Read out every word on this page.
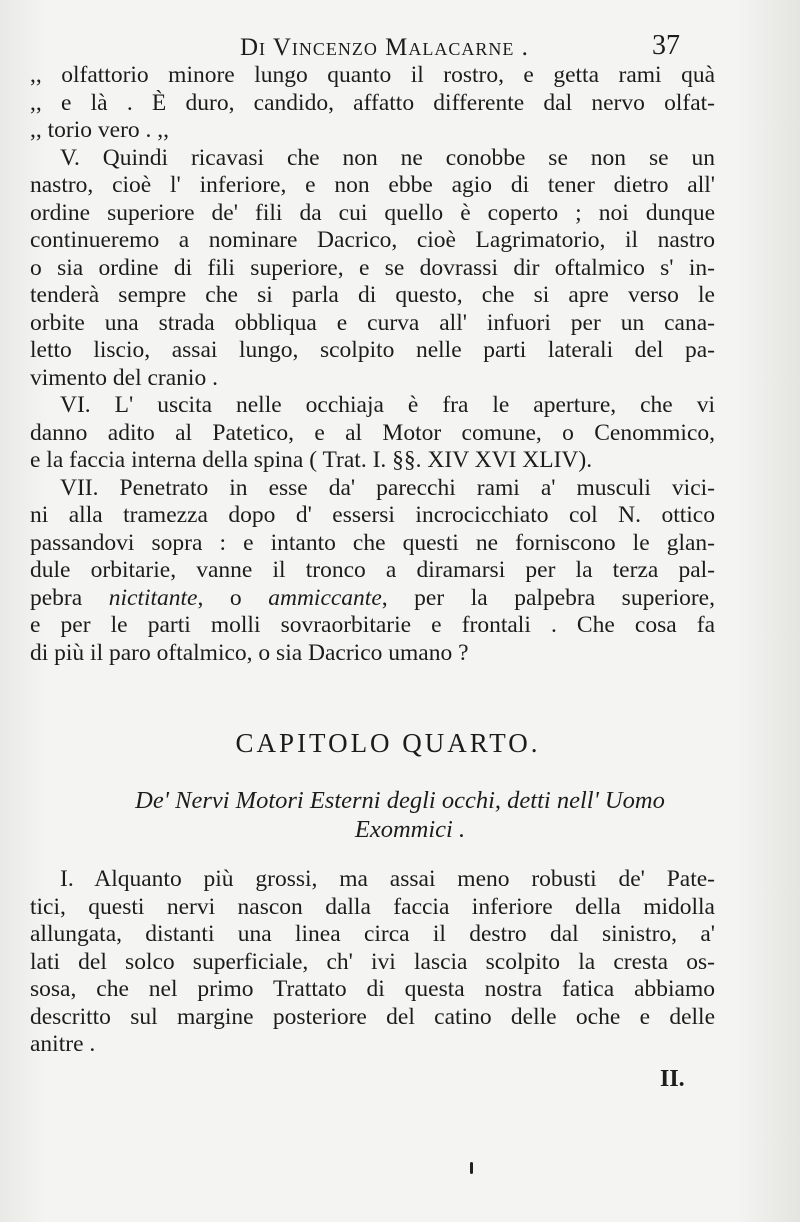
Di Vincenzo Malacarne .	37
,, olfattorio minore lungo quanto il rostro, e getta rami quà
,, e là . È duro, candido, affatto differente dal nervo olfat-
,, torio vero . ,,
V. Quindi ricavasi che non ne conobbe se non se un
nastro, cioè l' inferiore, e non ebbe agio di tener dietro all'
ordine superiore de' fili da cui quello è coperto ; noi dunque
continueremo a nominare Dacrico, cioè Lagrimatorio, il nastro
o sia ordine di fili superiore, e se dovrassi dir oftalmico s' in-
tenderà sempre che si parla di questo, che si apre verso le
orbite una strada obbliqua e curva all' infuori per un cana-
letto liscio, assai lungo, scolpito nelle parti laterali del pa-
vimento del cranio .
VI. L' uscita nelle occhiaja è fra le aperture, che vi
danno adito al Patetico, e al Motor comune, o Cenommico,
e la faccia interna della spina ( Trat. I. §§. XIV XVI XLIV).
VII. Penetrato in esse da' parecchi rami a' musculi vici-
ni alla tramezza dopo d' essersi incrocicchiato col N. ottico
passandovi sopra : e intanto che questi ne forniscono le glan-
dule orbitarie, vanne il tronco a diramarsi per la terza pal-
pebra nictitante, o ammiccante, per la palpebra superiore,
e per le parti molli sovraorbitarie e frontali . Che cosa fa
di più il paro oftalmico, o sia Dacrico umano ?
CAPITOLO QUARTO.
De' Nervi Motori Esterni degli occhi, detti nell' Uomo
Exommici .
I. Alquanto più grossi, ma assai meno robusti de' Pate-
tici, questi nervi nascon dalla faccia inferiore della midolla
allungata, distanti una linea circa il destro dal sinistro, a'
lati del solco superficiale, ch' ivi lascia scolpito la cresta os-
sosa, che nel primo Trattato di questa nostra fatica abbiamo
descritto sul margine posteriore del catino delle oche e delle
anitre .
II.
